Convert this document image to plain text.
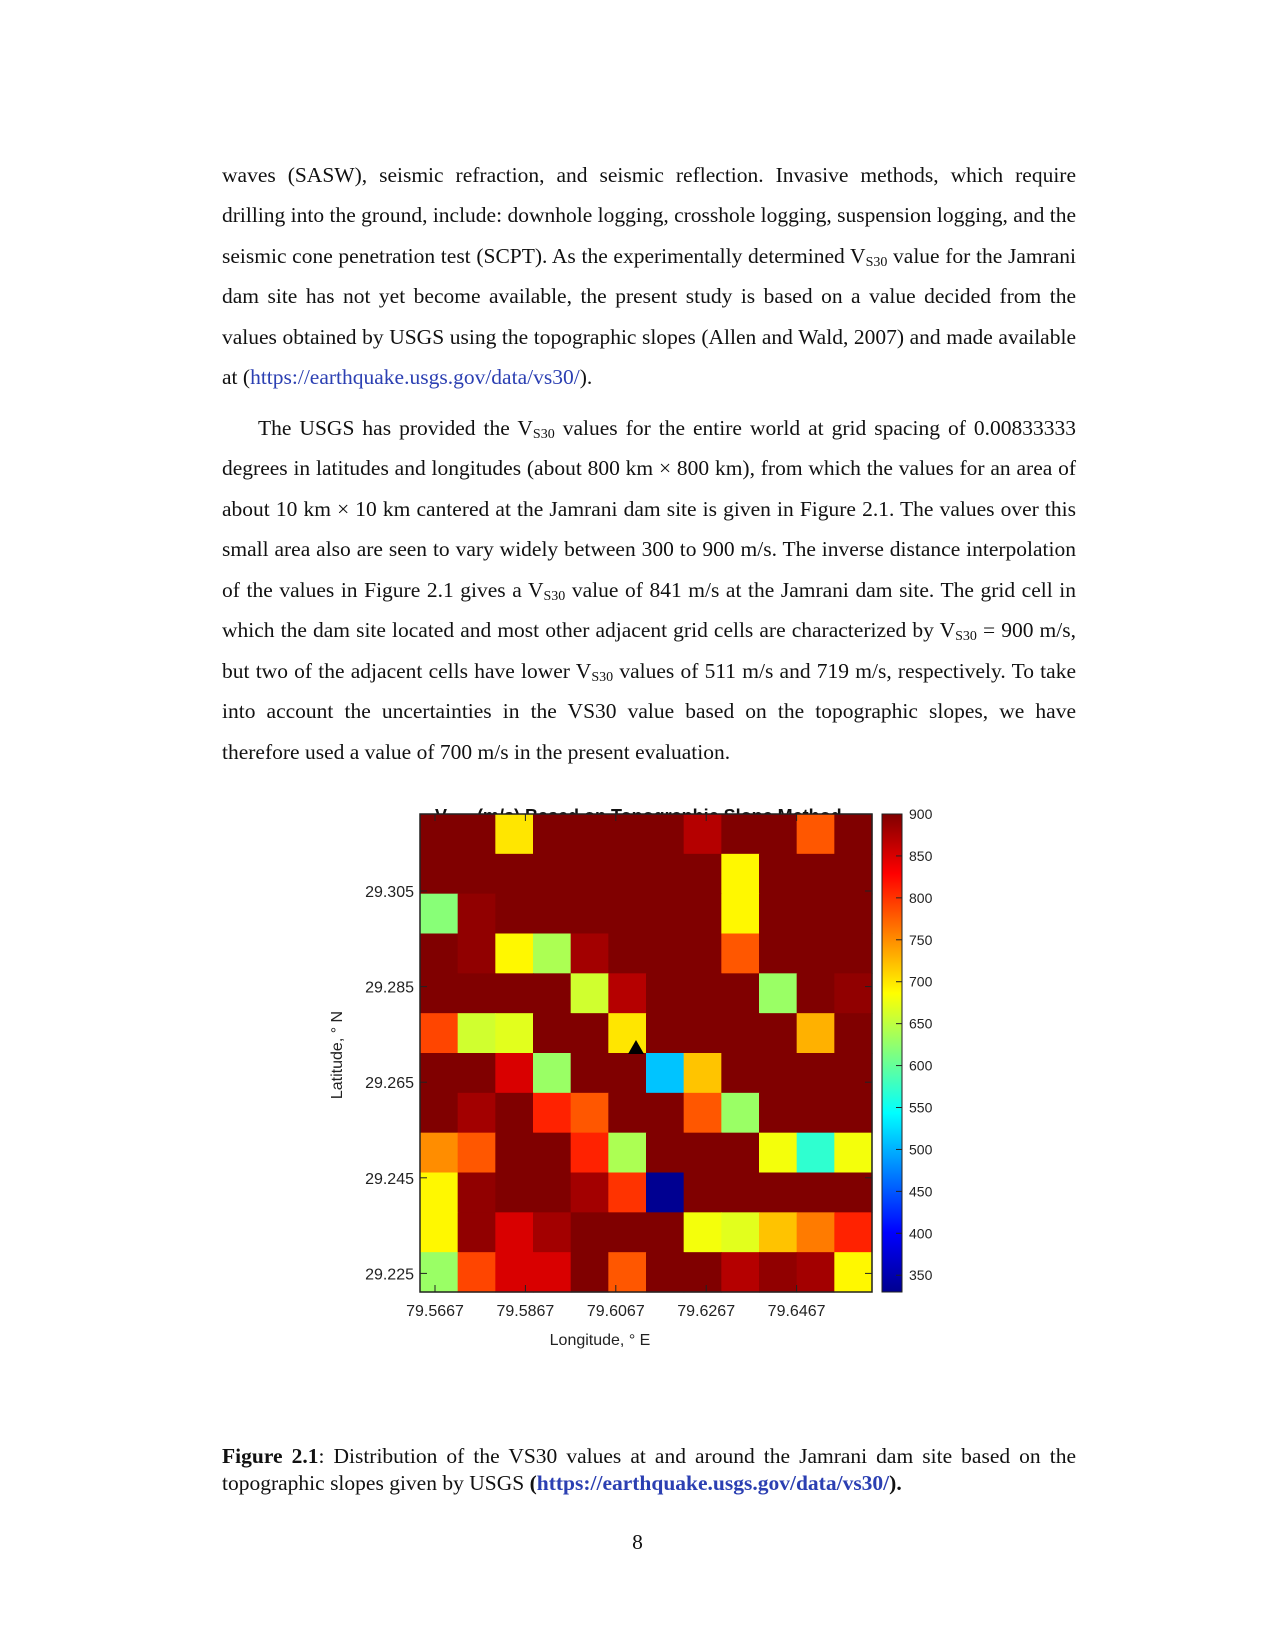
waves (SASW), seismic refraction, and seismic reflection. Invasive methods, which require drilling into the ground, include: downhole logging, crosshole logging, suspension logging, and the seismic cone penetration test (SCPT). As the experimentally determined $V_{S30}$ value for the Jamrani dam site has not yet become available, the present study is based on a value decided from the values obtained by USGS using the topographic slopes (Allen and Wald, 2007) and made available at (https://earthquake.usgs.gov/data/vs30/).

The USGS has provided the $V_{S30}$ values for the entire world at grid spacing of 0.00833333 degrees in latitudes and longitudes (about 800 km × 800 km), from which the values for an area of about 10 km × 10 km cantered at the Jamrani dam site is given in Figure 2.1. The values over this small area also are seen to vary widely between 300 to 900 m/s. The inverse distance interpolation of the values in Figure 2.1 gives a $V_{S30}$ value of 841 m/s at the Jamrani dam site. The grid cell in which the dam site located and most other adjacent grid cells are characterized by $V_{S30} = 900$ m/s, but two of the adjacent cells have lower $V_{S30}$ values of 511 m/s and 719 m/s, respectively. To take into account the uncertainties in the VS30 value based on the topographic slopes, we have therefore used a value of 700 m/s in the present evaluation.

79.5667 79.5867 79.6067 79.6267 79.6467
29.305
29.285
29.265
29.245
29.225
Longitude, ° E
Latitude, ° N
900
850
800
750
700
650
600
550
500
450
400
350

Figure 2.1: Distribution of the VS30 values at and around the Jamrani dam site based on the topographic slopes given by USGS (https://earthquake.usgs.gov/data/vs30/).

8
